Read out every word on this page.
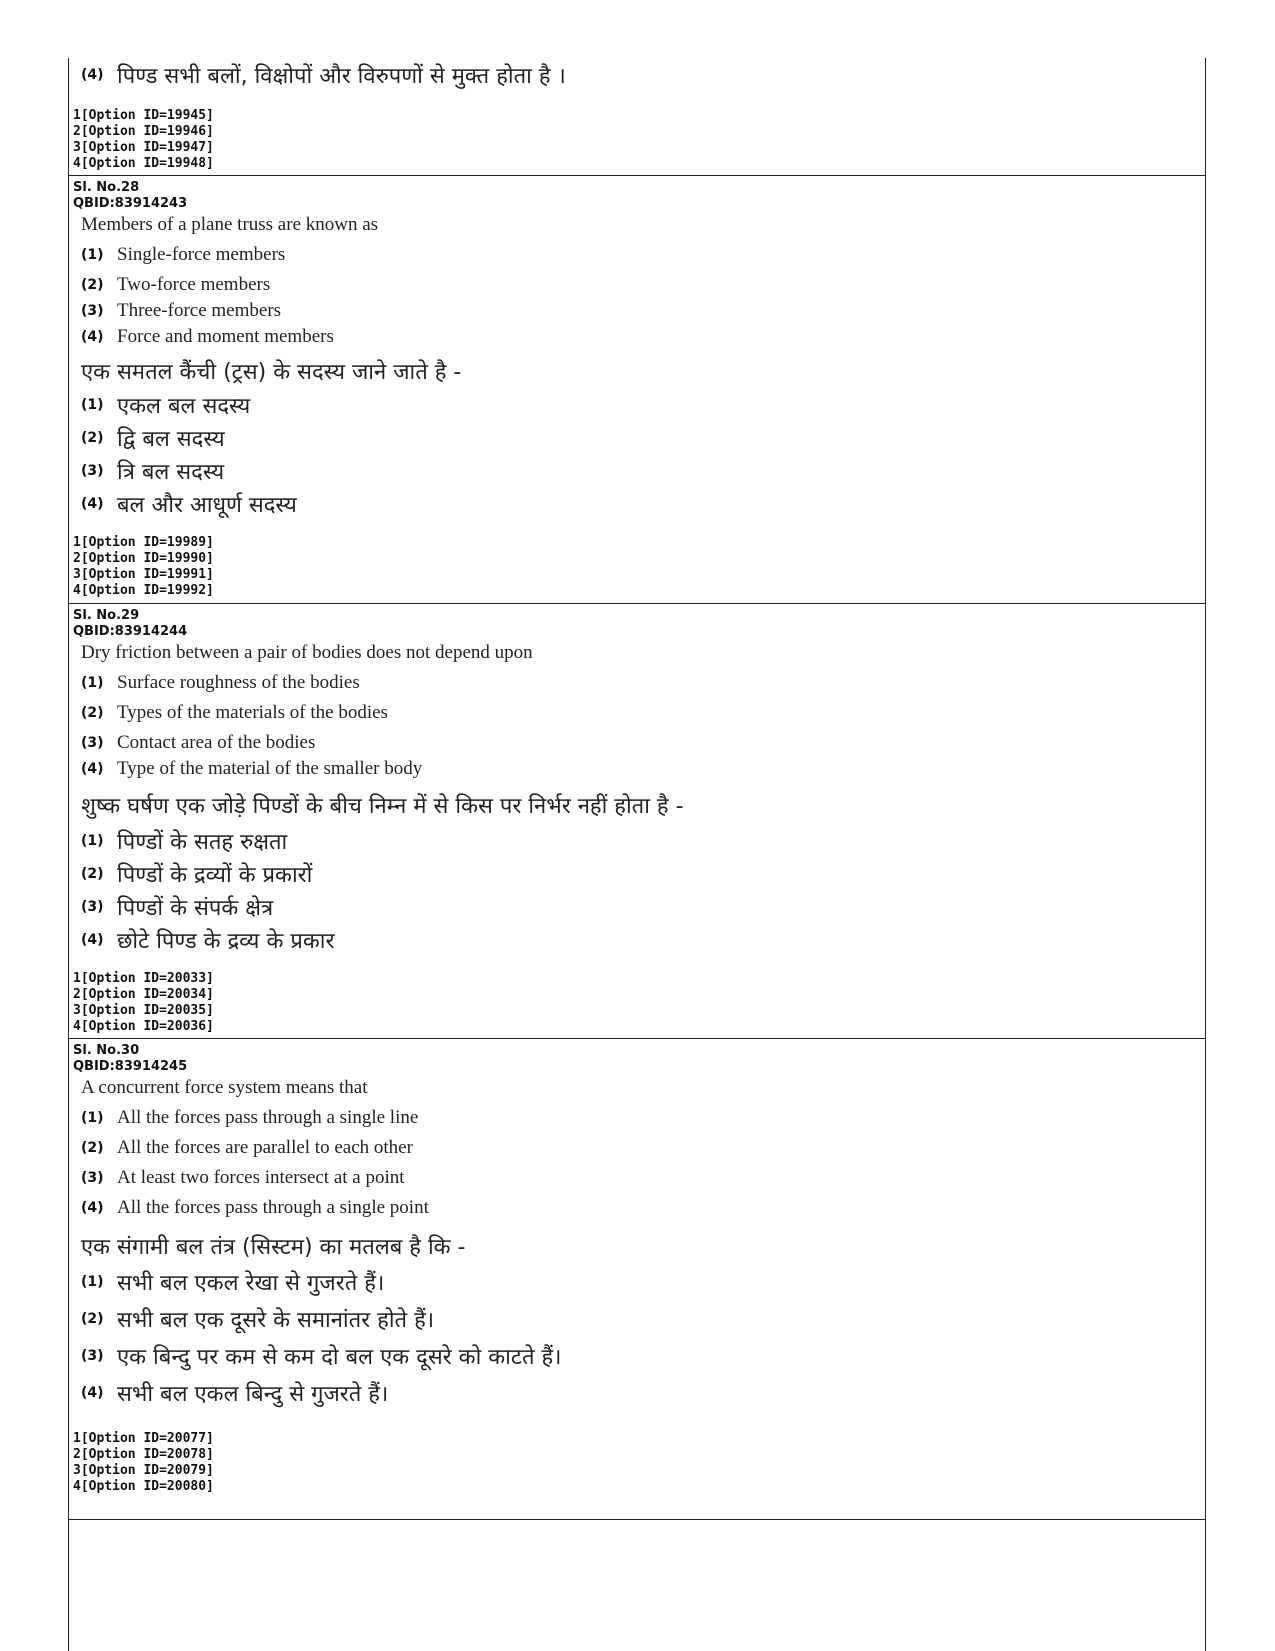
(4) पिण्ड सभी बलों, विक्षोपों और विरुपणों से मुक्त होता है ।
1[Option ID=19945]
2[Option ID=19946]
3[Option ID=19947]
4[Option ID=19948]
Sl. No.28
QBID:83914243
Members of a plane truss are known as
(1) Single-force members
(2) Two-force members
(3) Three-force members
(4) Force and moment members
एक समतल कैंची (ट्रस) के सदस्य जाने जाते है -
(1) एकल बल सदस्य
(2) द्वि बल सदस्य
(3) त्रि बल सदस्य
(4) बल और आधूर्ण सदस्य
1[Option ID=19989]
2[Option ID=19990]
3[Option ID=19991]
4[Option ID=19992]
Sl. No.29
QBID:83914244
Dry friction between a pair of bodies does not depend upon
(1) Surface roughness of the bodies
(2) Types of the materials of the bodies
(3) Contact area of the bodies
(4) Type of the material of the smaller body
शुष्क घर्षण एक जोड़े पिण्डों के बीच निम्न में से किस पर निर्भर नहीं होता है -
(1) पिण्डों के सतह रुक्षता
(2) पिण्डों के द्रव्यों के प्रकारों
(3) पिण्डों के संपर्क क्षेत्र
(4) छोटे पिण्ड के द्रव्य के प्रकार
1[Option ID=20033]
2[Option ID=20034]
3[Option ID=20035]
4[Option ID=20036]
Sl. No.30
QBID:83914245
A concurrent force system means that
(1) All the forces pass through a single line
(2) All the forces are parallel to each other
(3) At least two forces intersect at a point
(4) All the forces pass through a single point
एक संगामी बल तंत्र (सिस्टम) का मतलब है कि -
(1) सभी बल एकल रेखा से गुजरते हैं।
(2) सभी बल एक दूसरे के समानांतर होते हैं।
(3) एक बिन्दु पर कम से कम दो बल एक दूसरे को काटते हैं।
(4) सभी बल एकल बिन्दु से गुजरते हैं।
1[Option ID=20077]
2[Option ID=20078]
3[Option ID=20079]
4[Option ID=20080]
